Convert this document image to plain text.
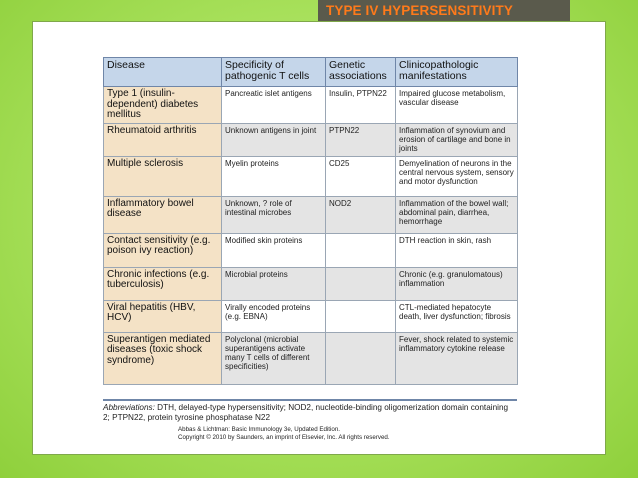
TYPE IV HYPERSENSITIVITY
Disease	Specificity of pathogenic T cells	Genetic associations	Clinicopathologic manifestations
Type 1 (insulin-dependent) diabetes mellitus	Pancreatic islet antigens	Insulin, PTPN22	Impaired glucose metabolism, vascular disease
Rheumatoid arthritis	Unknown antigens in joint	PTPN22	Inflammation of synovium and erosion of cartilage and bone in joints
Multiple sclerosis	Myelin proteins	CD25	Demyelination of neurons in the central nervous system, sensory and motor dysfunction
Inflammatory bowel disease	Unknown, ? role of intestinal microbes	NOD2	Inflammation of the bowel wall; abdominal pain, diarrhea, hemorrhage
Contact sensitivity (e.g. poison ivy reaction)	Modified skin proteins		DTH reaction in skin, rash
Chronic infections (e.g. tuberculosis)	Microbial proteins		Chronic (e.g. granulomatous) inflammation
Viral hepatitis (HBV, HCV)	Virally encoded proteins (e.g. EBNA)		CTL-mediated hepatocyte death, liver dysfunction; fibrosis
Superantigen mediated diseases (toxic shock syndrome)	Polyclonal (microbial superantigens activate many T cells of different specificities)		Fever, shock related to systemic inflammatory cytokine release
Abbreviations: DTH, delayed-type hypersensitivity; NOD2, nucleotide-binding oligomerization domain containing 2; PTPN22, protein tyrosine phosphatase N22
Abbas & Lichtman: Basic Immunology 3e, Updated Edition.
Copyright © 2010 by Saunders, an imprint of Elsevier, Inc. All rights reserved.
